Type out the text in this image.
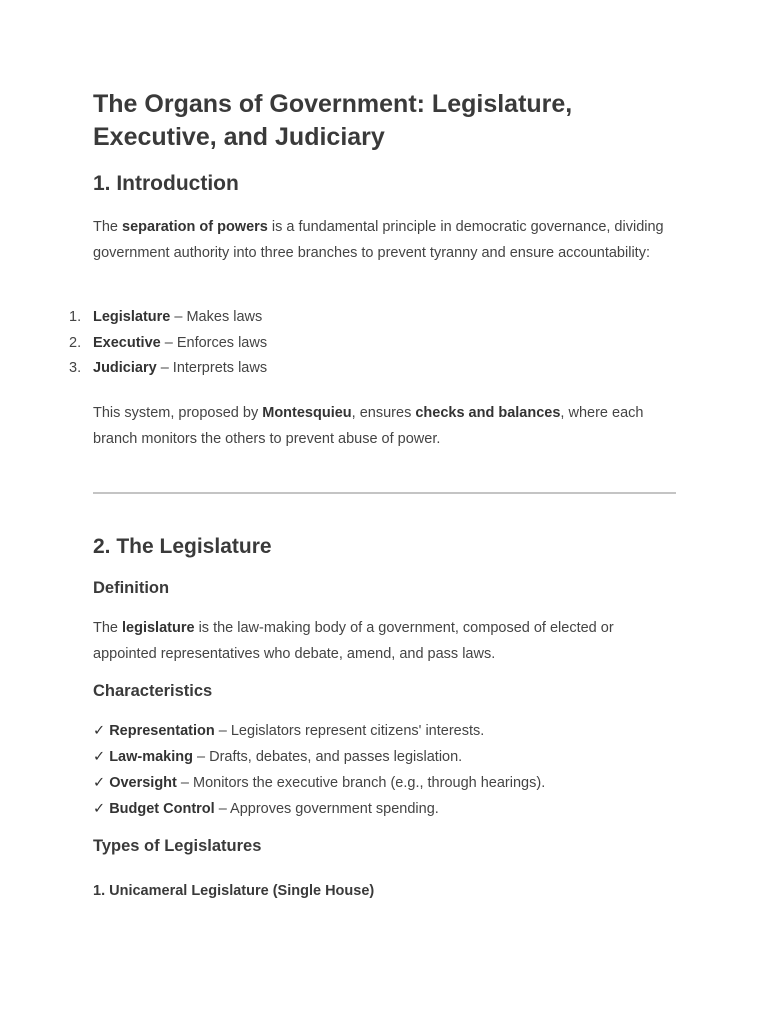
The Organs of Government: Legislature, Executive, and Judiciary
1. Introduction

The separation of powers is a fundamental principle in democratic governance, dividing government authority into three branches to prevent tyranny and ensure accountability:

1. Legislature – Makes laws
2. Executive – Enforces laws
3. Judiciary – Interprets laws

This system, proposed by Montesquieu, ensures checks and balances, where each branch monitors the others to prevent abuse of power.

2. The Legislature
Definition

The legislature is the law-making body of a government, composed of elected or appointed representatives who debate, amend, and pass laws.

Characteristics
✓ Representation – Legislators represent citizens' interests.
✓ Law-making – Drafts, debates, and passes legislation.
✓ Oversight – Monitors the executive branch (e.g., through hearings).
✓ Budget Control – Approves government spending.
Types of Legislatures
1. Unicameral Legislature (Single House)
